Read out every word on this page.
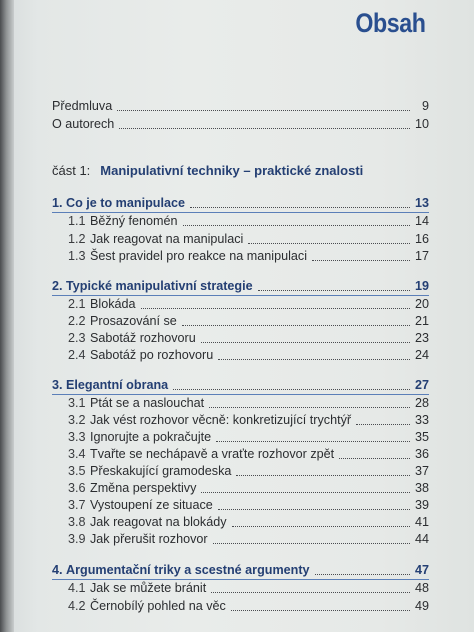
Obsah
Předmluva	9
O autorech	10
část 1: Manipulativní techniky – praktické znalosti
1. Co je to manipulace	13
1.1 Běžný fenomén	14
1.2 Jak reagovat na manipulaci	16
1.3 Šest pravidel pro reakce na manipulaci	17
2. Typické manipulativní strategie	19
2.1 Blokáda	20
2.2 Prosazování se	21
2.3 Sabotáž rozhovoru	23
2.4 Sabotáž po rozhovoru	24
3. Elegantní obrana	27
3.1 Ptát se a naslouchat	28
3.2 Jak vést rozhovor věcně: konkretizující trychtýř	33
3.3 Ignorujte a pokračujte	35
3.4 Tvařte se nechápavě a vraťte rozhovor zpět	36
3.5 Přeskakující gramodeska	37
3.6 Změna perspektivy	38
3.7 Vystoupení ze situace	39
3.8 Jak reagovat na blokády	41
3.9 Jak přerušit rozhovor	44
4. Argumentační triky a scestné argumenty	47
4.1 Jak se můžete bránit	48
4.2 Černobílý pohled na věc	49
